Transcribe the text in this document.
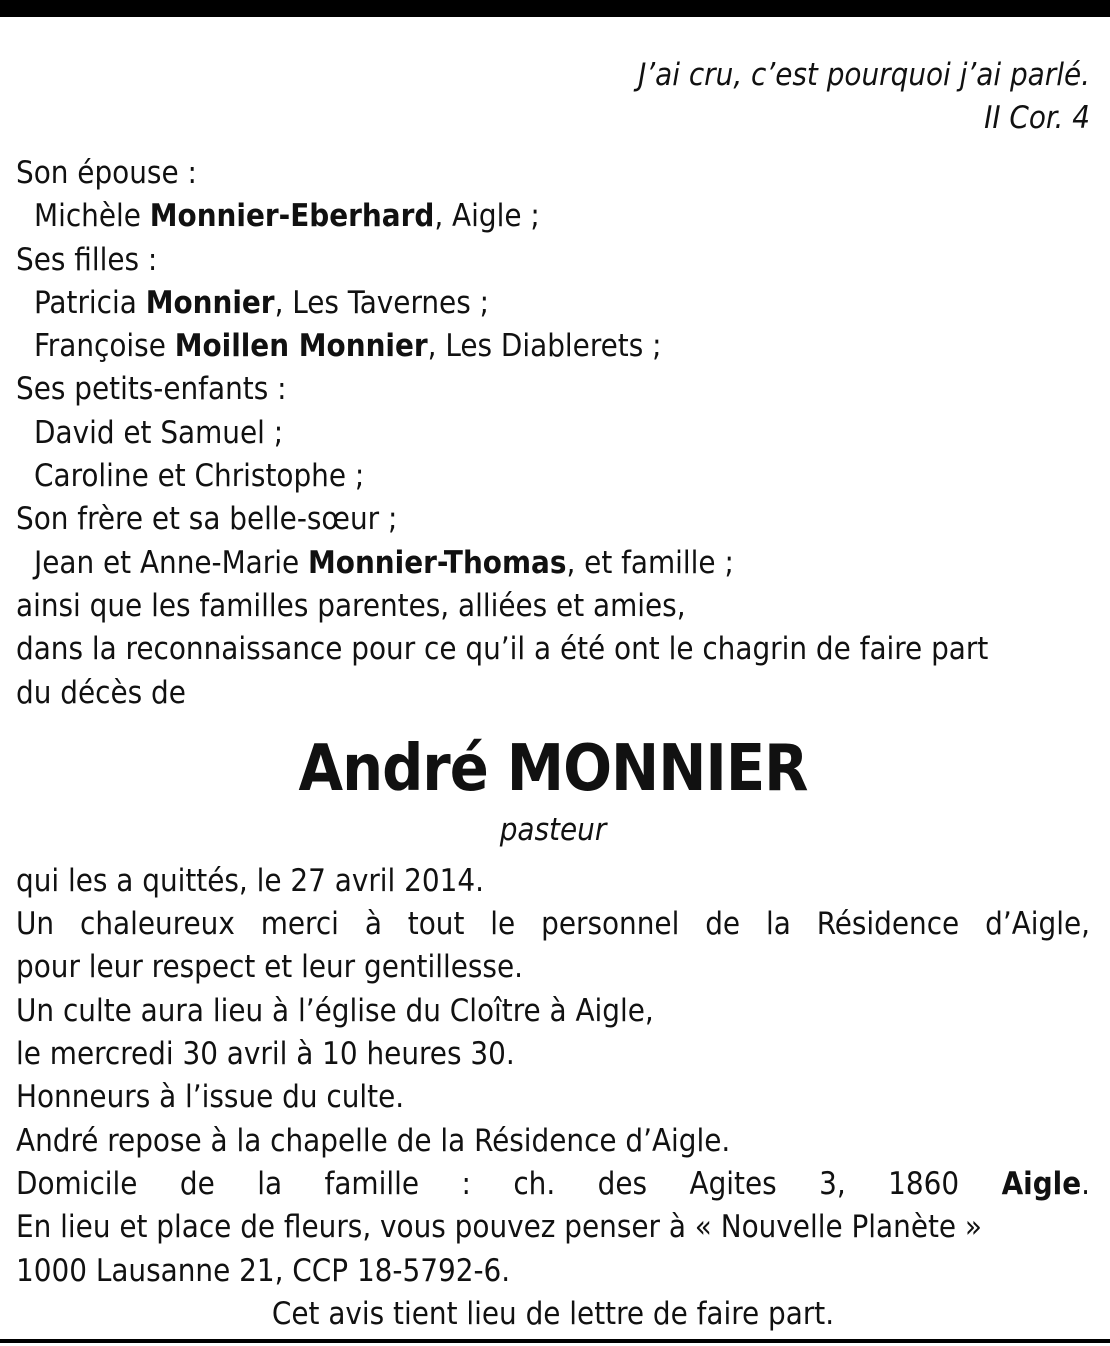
J’ai cru, c’est pourquoi j’ai parlé.
II Cor. 4
Son épouse :
Michèle Monnier-Eberhard, Aigle ;
Ses filles :
Patricia Monnier, Les Tavernes ;
Françoise Moillen Monnier, Les Diablerets ;
Ses petits-enfants :
David et Samuel ;
Caroline et Christophe ;
Son frère et sa belle-sœur ;
Jean et Anne-Marie Monnier-Thomas, et famille ;
ainsi que les familles parentes, alliées et amies,
dans la reconnaissance pour ce qu’il a été ont le chagrin de faire part
du décès de
André MONNIER
pasteur
qui les a quittés, le 27 avril 2014.
Un chaleureux merci à tout le personnel de la Résidence d’Aigle,
pour leur respect et leur gentillesse.
Un culte aura lieu à l’église du Cloître à Aigle,
le mercredi 30 avril à 10 heures 30.
Honneurs à l’issue du culte.
André repose à la chapelle de la Résidence d’Aigle.
Domicile de la famille : ch. des Agites 3, 1860 Aigle.
En lieu et place de fleurs, vous pouvez penser à « Nouvelle Planète »
1000 Lausanne 21, CCP 18-5792-6.
Cet avis tient lieu de lettre de faire part.
